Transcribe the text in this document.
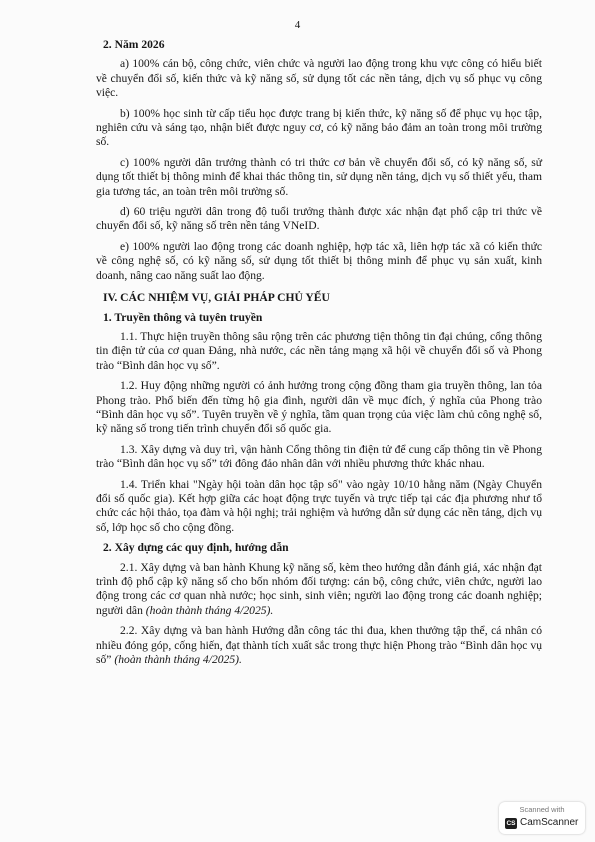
4
2. Năm 2026
a) 100% cán bộ, công chức, viên chức và người lao động trong khu vực công có hiểu biết về chuyển đổi số, kiến thức và kỹ năng số, sử dụng tốt các nền tảng, dịch vụ số phục vụ công việc.
b) 100% học sinh từ cấp tiểu học được trang bị kiến thức, kỹ năng số để phục vụ học tập, nghiên cứu và sáng tạo, nhận biết được nguy cơ, có kỹ năng bảo đảm an toàn trong môi trường số.
c) 100% người dân trưởng thành có tri thức cơ bản về chuyển đổi số, có kỹ năng số, sử dụng tốt thiết bị thông minh để khai thác thông tin, sử dụng nền tảng, dịch vụ số thiết yếu, tham gia tương tác, an toàn trên môi trường số.
d) 60 triệu người dân trong độ tuổi trưởng thành được xác nhận đạt phổ cập tri thức về chuyển đổi số, kỹ năng số trên nền tảng VNeID.
e) 100% người lao động trong các doanh nghiệp, hợp tác xã, liên hợp tác xã có kiến thức về công nghệ số, có kỹ năng số, sử dụng tốt thiết bị thông minh để phục vụ sản xuất, kinh doanh, nâng cao năng suất lao động.
IV. CÁC NHIỆM VỤ, GIẢI PHÁP CHỦ YẾU
1. Truyền thông và tuyên truyền
1.1. Thực hiện truyền thông sâu rộng trên các phương tiện thông tin đại chúng, cổng thông tin điện tử của cơ quan Đảng, nhà nước, các nền tảng mạng xã hội về chuyển đổi số và Phong trào “Bình dân học vụ số”.
1.2. Huy động những người có ảnh hưởng trong cộng đồng tham gia truyền thông, lan tỏa Phong trào. Phổ biến đến từng hộ gia đình, người dân về mục đích, ý nghĩa của Phong trào “Bình dân học vụ số”. Tuyên truyền về ý nghĩa, tầm quan trọng của việc làm chủ công nghệ số, kỹ năng số trong tiến trình chuyển đổi số quốc gia.
1.3. Xây dựng và duy trì, vận hành Cổng thông tin điện tử để cung cấp thông tin về Phong trào “Bình dân học vụ số” tới đông đảo nhân dân với nhiều phương thức khác nhau.
1.4. Triển khai "Ngày hội toàn dân học tập số" vào ngày 10/10 hằng năm (Ngày Chuyển đổi số quốc gia). Kết hợp giữa các hoạt động trực tuyến và trực tiếp tại các địa phương như tổ chức các hội thảo, tọa đàm và hội nghị; trải nghiệm và hướng dẫn sử dụng các nền tảng, dịch vụ số, lớp học số cho cộng đồng.
2. Xây dựng các quy định, hướng dẫn
2.1. Xây dựng và ban hành Khung kỹ năng số, kèm theo hướng dẫn đánh giá, xác nhận đạt trình độ phổ cập kỹ năng số cho bốn nhóm đối tượng: cán bộ, công chức, viên chức, người lao động trong các cơ quan nhà nước; học sinh, sinh viên; người lao động trong các doanh nghiệp; người dân (hoàn thành tháng 4/2025).
2.2. Xây dựng và ban hành Hướng dẫn công tác thi đua, khen thưởng tập thể, cá nhân có nhiều đóng góp, cống hiến, đạt thành tích xuất sắc trong thực hiện Phong trào “Bình dân học vụ số” (hoàn thành tháng 4/2025).
Scanned with
CS CamScanner
